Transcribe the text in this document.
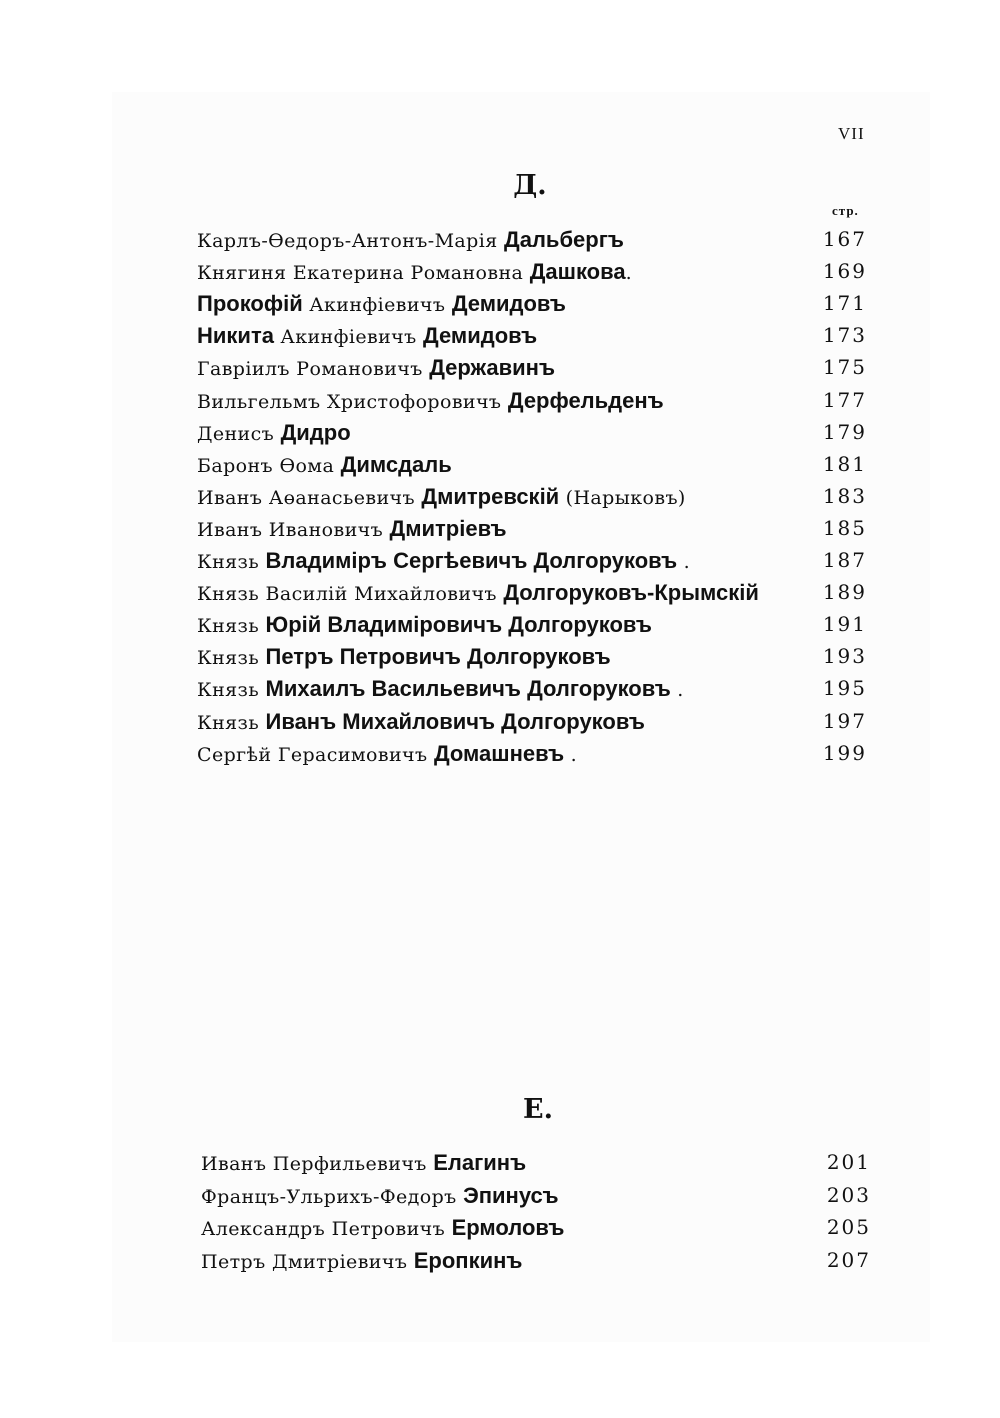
VII
Д.
стр.
Карлъ-Өедоръ-Антонъ-Марія Дальбергъ	167
Княгиня Екатерина Романовна Дашкова.	169
Прокофій Акинфіевичъ Демидовъ	171
Никита Акинфіевичъ Демидовъ	173
Гавріилъ Романовичъ Державинъ	175
Вильгельмъ Христофоровичъ Дерфельденъ	177
Денисъ Дидро	179
Баронъ Өома Димсдаль	181
Иванъ Аөанасьевичъ Дмитревскій (Нарыковъ)	183
Иванъ Ивановичъ Дмитріевъ	185
Князь Владиміръ Сергѣевичъ Долгоруковъ .	187
Князь Василій Михайловичъ Долгоруковъ-Крымскій	189
Князь Юрій Владиміровичъ Долгоруковъ	191
Князь Петръ Петровичъ Долгоруковъ	193
Князь Михаилъ Васильевичъ Долгоруковъ .	195
Князь Иванъ Михайловичъ Долгоруковъ	197
Сергѣй Герасимовичъ Домашневъ .	199
Е.
Иванъ Перфильевичъ Елагинъ	201
Францъ-Ульрихъ-Федоръ Эпинусъ	203
Александръ Петровичъ Ермоловъ	205
Петръ Дмитріевичъ Еропкинъ	207
